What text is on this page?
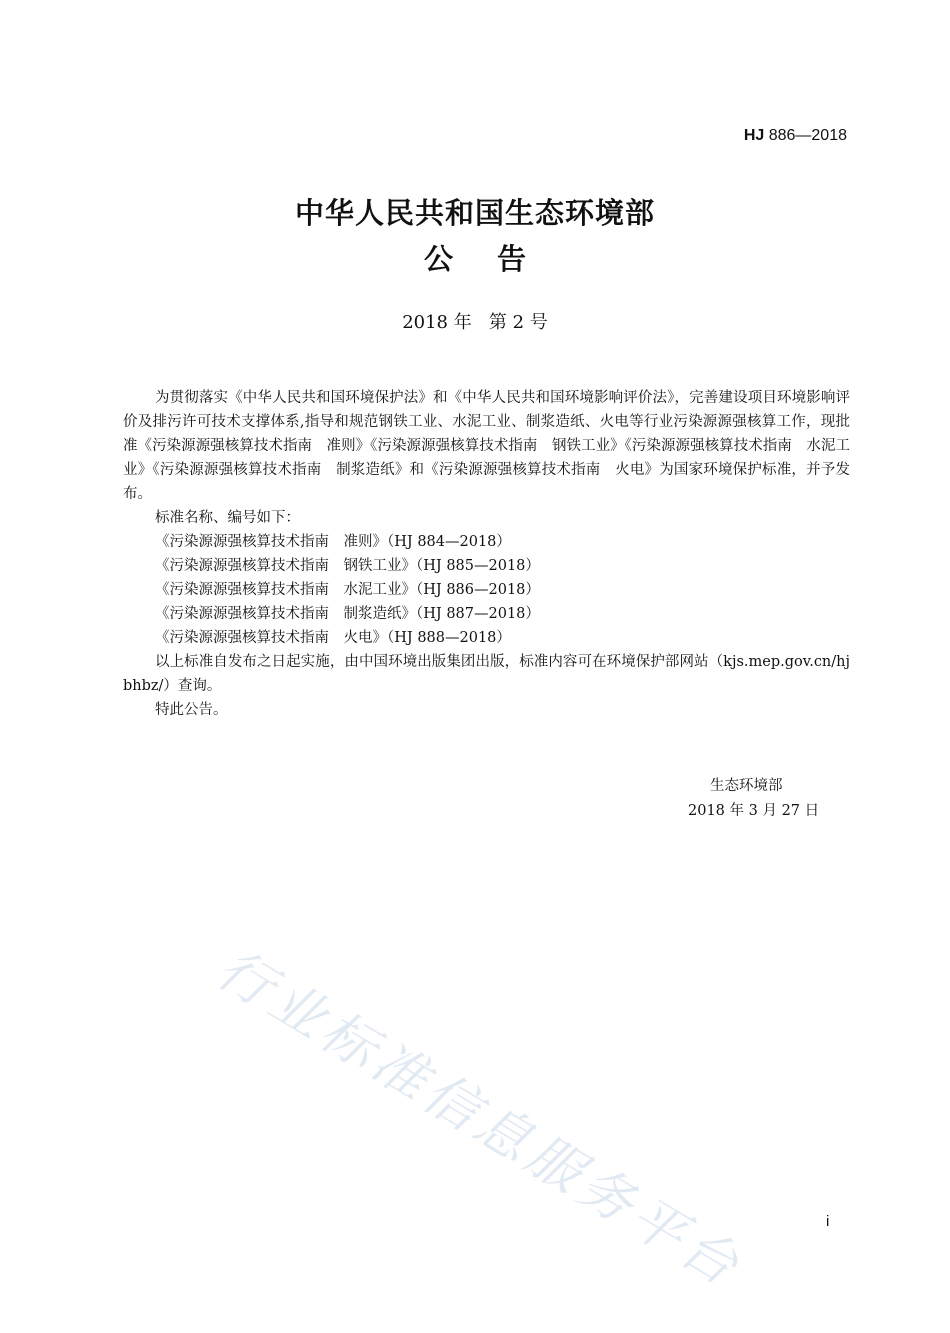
HJ 886—2018
中华人民共和国生态环境部
公 告
2018 年   第 2 号

为贯彻落实《中华人民共和国环境保护法》和《中华人民共和国环境影响评价法》，完善建设项目环境影响评价及排污许可技术支撑体系,指导和规范钢铁工业、水泥工业、制浆造纸、火电等行业污染源源强核算工作，现批准《污染源源强核算技术指南　准则》《污染源源强核算技术指南　钢铁工业》《污染源源强核算技术指南　水泥工业》《污染源源强核算技术指南　制浆造纸》和《污染源源强核算技术指南　火电》为国家环境保护标准，并予发布。

标准名称、编号如下：
《污染源源强核算技术指南　准则》（HJ 884—2018）
《污染源源强核算技术指南　钢铁工业》（HJ 885—2018）
《污染源源强核算技术指南　水泥工业》（HJ 886—2018）
《污染源源强核算技术指南　制浆造纸》（HJ 887—2018）
《污染源源强核算技术指南　火电》（HJ 888—2018）

以上标准自发布之日起实施，由中国环境出版集团出版，标准内容可在环境保护部网站（kjs.mep.gov.cn/hjbhbz/）查询。

特此公告。
生态环境部
2018 年 3 月 27 日
行业标准信息服务平台	i
